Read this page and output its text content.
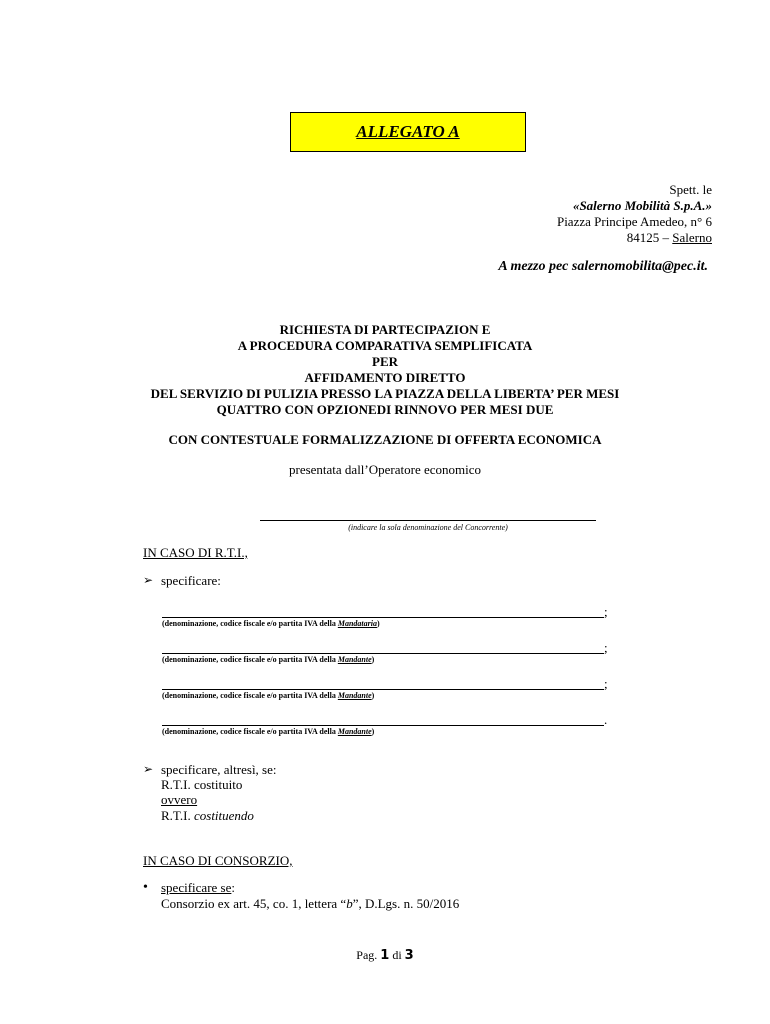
ALLEGATO A
Spett. le
«Salerno Mobilità S.p.A.»
Piazza Principe Amedeo, n° 6
84125 – Salerno
A mezzo pec salernomobilita@pec.it.
RICHIESTA DI PARTECIPAZION E
A PROCEDURA COMPARATIVA SEMPLIFICATA
PER
AFFIDAMENTO DIRETTO
DEL SERVIZIO DI PULIZIA PRESSO LA PIAZZA DELLA LIBERTA’ PER MESI
QUATTRO CON OPZIONEDI RINNOVO PER MESI DUE
CON CONTESTUALE FORMALIZZAZIONE DI OFFERTA ECONOMICA
presentata dall’Operatore economico
(indicare la sola denominazione del Concorrente)
IN CASO DI R.T.I.,
➢ specificare:
;
(denominazione, codice fiscale e/o partita IVA della Mandataria)
;
(denominazione, codice fiscale e/o partita IVA della Mandante)
;
(denominazione, codice fiscale e/o partita IVA della Mandante)
.
(denominazione, codice fiscale e/o partita IVA della Mandante)
➢ specificare, altresì, se:
R.T.I. costituito
ovvero
R.T.I. costituendo
IN CASO DI CONSORZIO,
•	specificare se :
Consorzio ex art. 45, co. 1, lettera “b”, D.Lgs. n. 50/2016
Pag. 1 di 3
